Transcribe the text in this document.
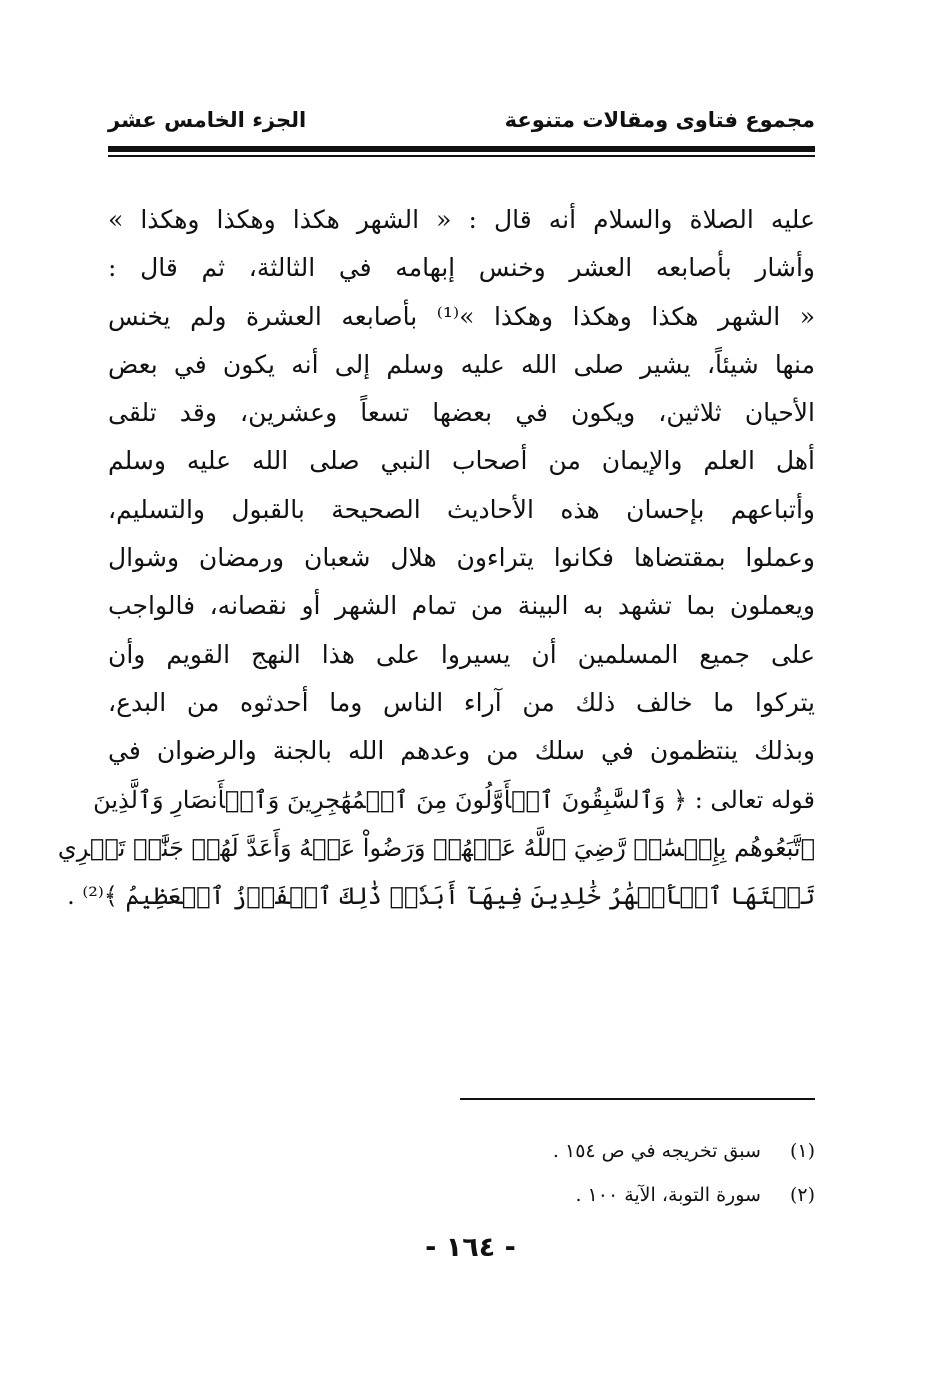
مجموع فتاوى ومقالات متنوعة
الجزء الخامس عشر
عليه الصلاة والسلام أنه قال : « الشهر هكذا وهكذا وهكذا »
وأشار بأصابعه العشر وخنس إبهامه في الثالثة، ثم قال :
« الشهر هكذا وهكذا وهكذا »⁽¹⁾ بأصابعه العشرة ولم يخنس
منها شيئاً، يشير صلى الله عليه وسلم إلى أنه يكون في بعض
الأحيان ثلاثين، ويكون في بعضها تسعاً وعشرين، وقد تلقى
أهل العلم والإيمان من أصحاب النبي صلى الله عليه وسلم
وأتباعهم بإحسان هذه الأحاديث الصحيحة بالقبول والتسليم،
وعملوا بمقتضاها فكانوا يتراءون هلال شعبان ورمضان وشوال
ويعملون بما تشهد به البينة من تمام الشهر أو نقصانه، فالواجب
على جميع المسلمين أن يسيروا على هذا النهج القويم وأن
يتركوا ما خالف ذلك من آراء الناس وما أحدثوه من البدع،
وبذلك ينتظمون في سلك من وعدهم الله بالجنة والرضوان في
قوله تعالى : ﴿ وَٱلسَّٰبِقُونَ ٱلۡأَوَّلُونَ مِنَ ٱلۡمُهَٰجِرِينَ وَٱلۡأَنصَارِ وَٱلَّذِينَ
ٱتَّبَعُوهُم بِإِحۡسَٰنٖ رَّضِيَ ٱللَّهُ عَنۡهُمۡ وَرَضُواْ عَنۡهُ وَأَعَدَّ لَهُمۡ جَنَّٰتٖ تَجۡرِي
تَحۡتَهَا ٱلۡأَنۡهَٰرُ خَٰلِدِينَ فِيهَآ أَبَدٗاۚ ذَٰلِكَ ٱلۡفَوۡزُ ٱلۡعَظِيمُ ﴾⁽²⁾ .
(١) سبق تخريجه في ص ١٥٤ .
(٢) سورة التوبة، الآية ١٠٠ .
- ١٦٤ -
